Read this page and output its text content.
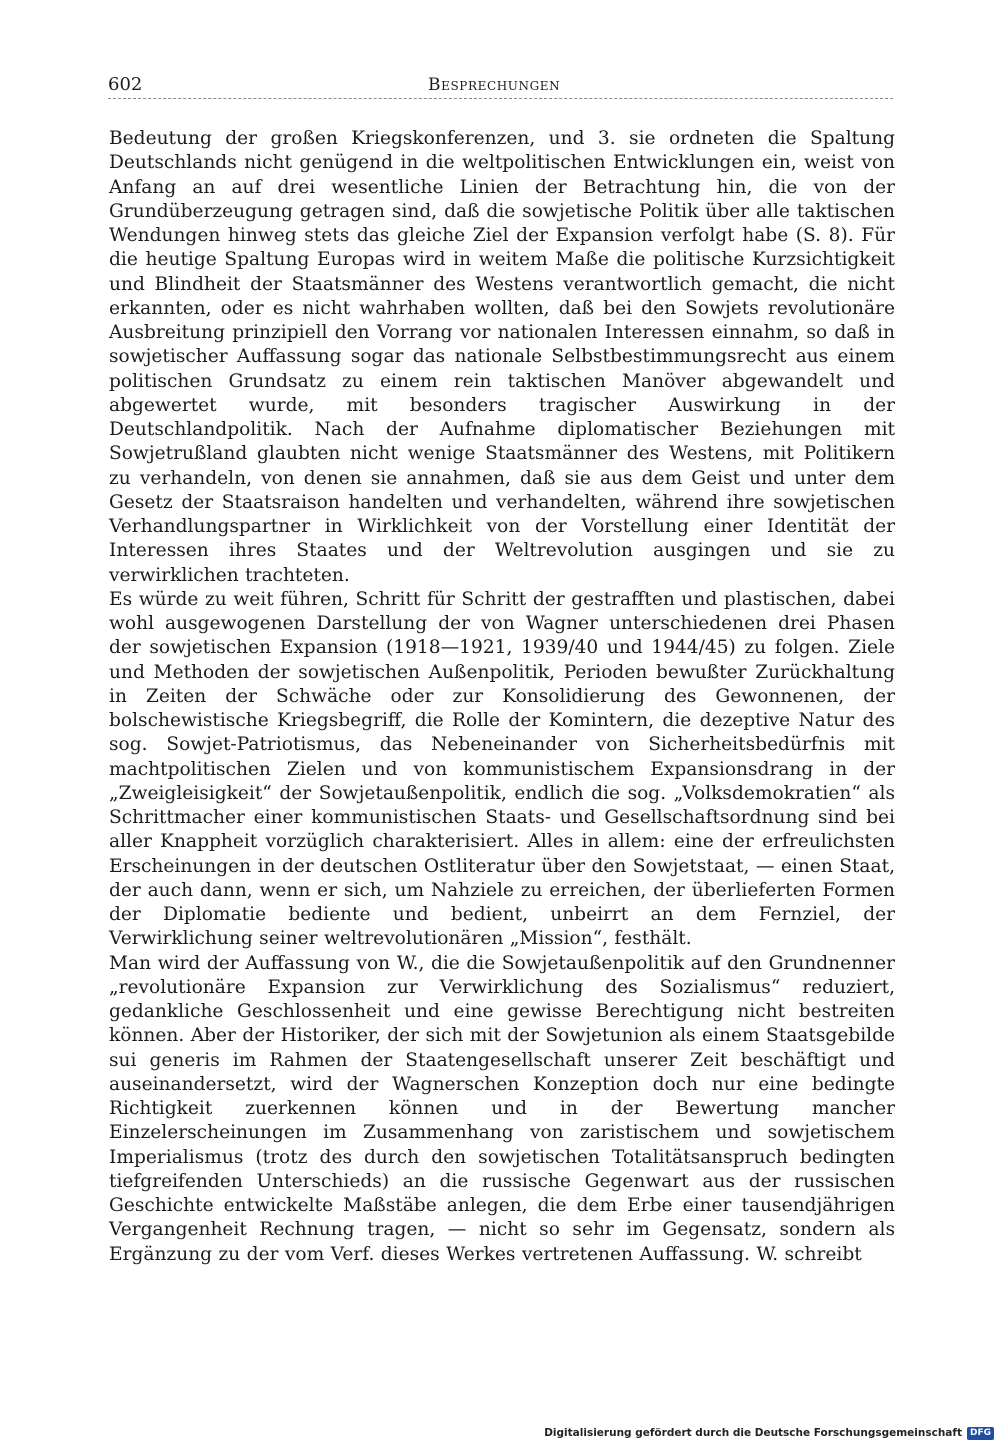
602	Besprechungen

Bedeutung der großen Kriegskonferenzen, und 3. sie ordneten die Spaltung Deutschlands nicht genügend in die weltpolitischen Entwicklungen ein, weist von Anfang an auf drei wesentliche Linien der Betrachtung hin, die von der Grundüberzeugung getragen sind, daß die sowjetische Politik über alle taktischen Wendungen hinweg stets das gleiche Ziel der Expansion verfolgt habe (S. 8). Für die heutige Spaltung Europas wird in weitem Maße die politische Kurzsichtigkeit und Blindheit der Staatsmänner des Westens verantwortlich gemacht, die nicht erkannten, oder es nicht wahrhaben wollten, daß bei den Sowjets revolutionäre Ausbreitung prinzipiell den Vorrang vor nationalen Interessen einnahm, so daß in sowjetischer Auffassung sogar das nationale Selbstbestimmungsrecht aus einem politischen Grundsatz zu einem rein taktischen Manöver abgewandelt und abgewertet wurde, mit besonders tragischer Auswirkung in der Deutschlandpolitik. Nach der Aufnahme diplomatischer Beziehungen mit Sowjetrußland glaubten nicht wenige Staatsmänner des Westens, mit Politikern zu verhandeln, von denen sie annahmen, daß sie aus dem Geist und unter dem Gesetz der Staatsraison handelten und verhandelten, während ihre sowjetischen Verhandlungspartner in Wirklichkeit von der Vorstellung einer Identität der Interessen ihres Staates und der Weltrevolution ausgingen und sie zu verwirklichen trachteten.

Es würde zu weit führen, Schritt für Schritt der gestrafften und plastischen, dabei wohl ausgewogenen Darstellung der von Wagner unterschiedenen drei Phasen der sowjetischen Expansion (1918—1921, 1939/40 und 1944/45) zu folgen. Ziele und Methoden der sowjetischen Außenpolitik, Perioden bewußter Zurückhaltung in Zeiten der Schwäche oder zur Konsolidierung des Gewonnenen, der bolschewistische Kriegsbegriff, die Rolle der Komintern, die dezeptive Natur des sog. Sowjet-Patriotismus, das Nebeneinander von Sicherheitsbedürfnis mit machtpolitischen Zielen und von kommunistischem Expansionsdrang in der „Zweigleisigkeit“ der Sowjetaußenpolitik, endlich die sog. „Volksdemokratien“ als Schrittmacher einer kommunistischen Staats- und Gesellschaftsordnung sind bei aller Knappheit vorzüglich charakterisiert. Alles in allem: eine der erfreulichsten Erscheinungen in der deutschen Ostliteratur über den Sowjetstaat, — einen Staat, der auch dann, wenn er sich, um Nahziele zu erreichen, der überlieferten Formen der Diplomatie bediente und bedient, unbeirrt an dem Fernziel, der Verwirklichung seiner weltrevolutionären „Mission“, festhält.

Man wird der Auffassung von W., die die Sowjetaußenpolitik auf den Grundnenner „revolutionäre Expansion zur Verwirklichung des Sozialismus“ reduziert, gedankliche Geschlossenheit und eine gewisse Berechtigung nicht bestreiten können. Aber der Historiker, der sich mit der Sowjetunion als einem Staatsgebilde sui generis im Rahmen der Staatengesellschaft unserer Zeit beschäftigt und auseinandersetzt, wird der Wagnerschen Konzeption doch nur eine bedingte Richtigkeit zuerkennen können und in der Bewertung mancher Einzelerscheinungen im Zusammenhang von zaristischem und sowjetischem Imperialismus (trotz des durch den sowjetischen Totalitätsanspruch bedingten tiefgreifenden Unterschieds) an die russische Gegenwart aus der russischen Geschichte entwickelte Maßstäbe anlegen, die dem Erbe einer tausendjährigen Vergangenheit Rechnung tragen, — nicht so sehr im Gegensatz, sondern als Ergänzung zu der vom Verf. dieses Werkes vertretenen Auffassung. W. schreibt

Digitalisierung gefördert durch die Deutsche Forschungsgemeinschaft DFG
